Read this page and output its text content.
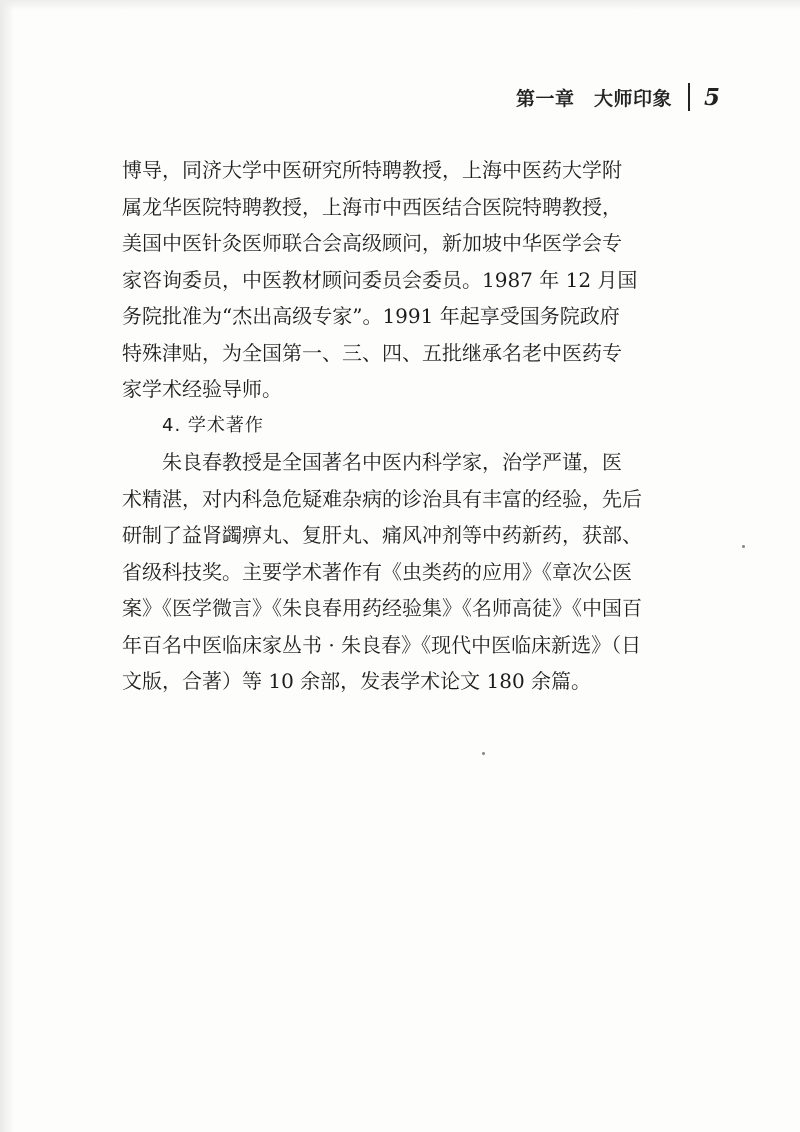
第一章　大师印象 5
博导，同济大学中医研究所特聘教授，上海中医药大学附
属龙华医院特聘教授，上海市中西医结合医院特聘教授，
美国中医针灸医师联合会高级顾问，新加坡中华医学会专
家咨询委员，中医教材顾问委员会委员。1987 年 12 月国
务院批准为“杰出高级专家”。1991 年起享受国务院政府
特殊津贴，为全国第一、三、四、五批继承名老中医药专
家学术经验导师。
4. 学术著作
朱良春教授是全国著名中医内科学家，治学严谨，医
术精湛，对内科急危疑难杂病的诊治具有丰富的经验，先后
研制了益肾蠲痹丸、复肝丸、痛风冲剂等中药新药，获部、
省级科技奖。主要学术著作有《虫类药的应用》《章次公医
案》《医学微言》《朱良春用药经验集》《名师高徒》《中国百
年百名中医临床家丛书 · 朱良春》《现代中医临床新选》（日
文版，合著）等 10 余部，发表学术论文 180 余篇。
